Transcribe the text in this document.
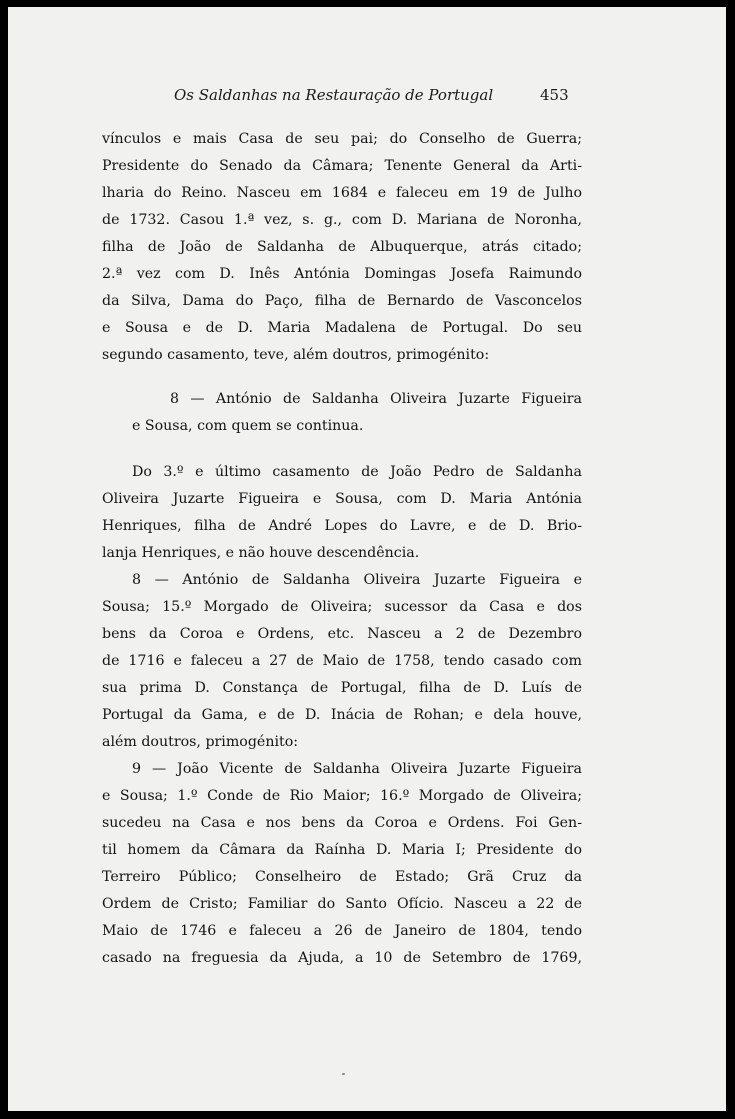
Os Saldanhas na Restauração de Portugal	453
vínculos e mais Casa de seu pai; do Conselho de Guerra;
Presidente do Senado da Câmara; Tenente General da Arti-
lharia do Reino. Nasceu em 1684 e faleceu em 19 de Julho
de 1732. Casou 1.ª vez, s. g., com D. Mariana de Noronha,
filha de João de Saldanha de Albuquerque, atrás citado;
2.ª vez com D. Inês Antónia Domingas Josefa Raimundo
da Silva, Dama do Paço, filha de Bernardo de Vasconcelos
e Sousa e de D. Maria Madalena de Portugal. Do seu
segundo casamento, teve, além doutros, primogénito:
8 — António de Saldanha Oliveira Juzarte Figueira
e Sousa, com quem se continua.
Do 3.º e último casamento de João Pedro de Saldanha
Oliveira Juzarte Figueira e Sousa, com D. Maria Antónia
Henriques, filha de André Lopes do Lavre, e de D. Brio-
lanja Henriques, e não houve descendência.
8 — António de Saldanha Oliveira Juzarte Figueira e
Sousa; 15.º Morgado de Oliveira; sucessor da Casa e dos
bens da Coroa e Ordens, etc. Nasceu a 2 de Dezembro
de 1716 e faleceu a 27 de Maio de 1758, tendo casado com
sua prima D. Constança de Portugal, filha de D. Luís de
Portugal da Gama, e de D. Inácia de Rohan; e dela houve,
além doutros, primogénito:
9 — João Vicente de Saldanha Oliveira Juzarte Figueira
e Sousa; 1.º Conde de Rio Maior; 16.º Morgado de Oliveira;
sucedeu na Casa e nos bens da Coroa e Ordens. Foi Gen-
til homem da Câmara da Raínha D. Maria I; Presidente do
Terreiro Público; Conselheiro de Estado; Grã Cruz da
Ordem de Cristo; Familiar do Santo Ofício. Nasceu a 22 de
Maio de 1746 e faleceu a 26 de Janeiro de 1804, tendo
casado na freguesia da Ajuda, a 10 de Setembro de 1769,
